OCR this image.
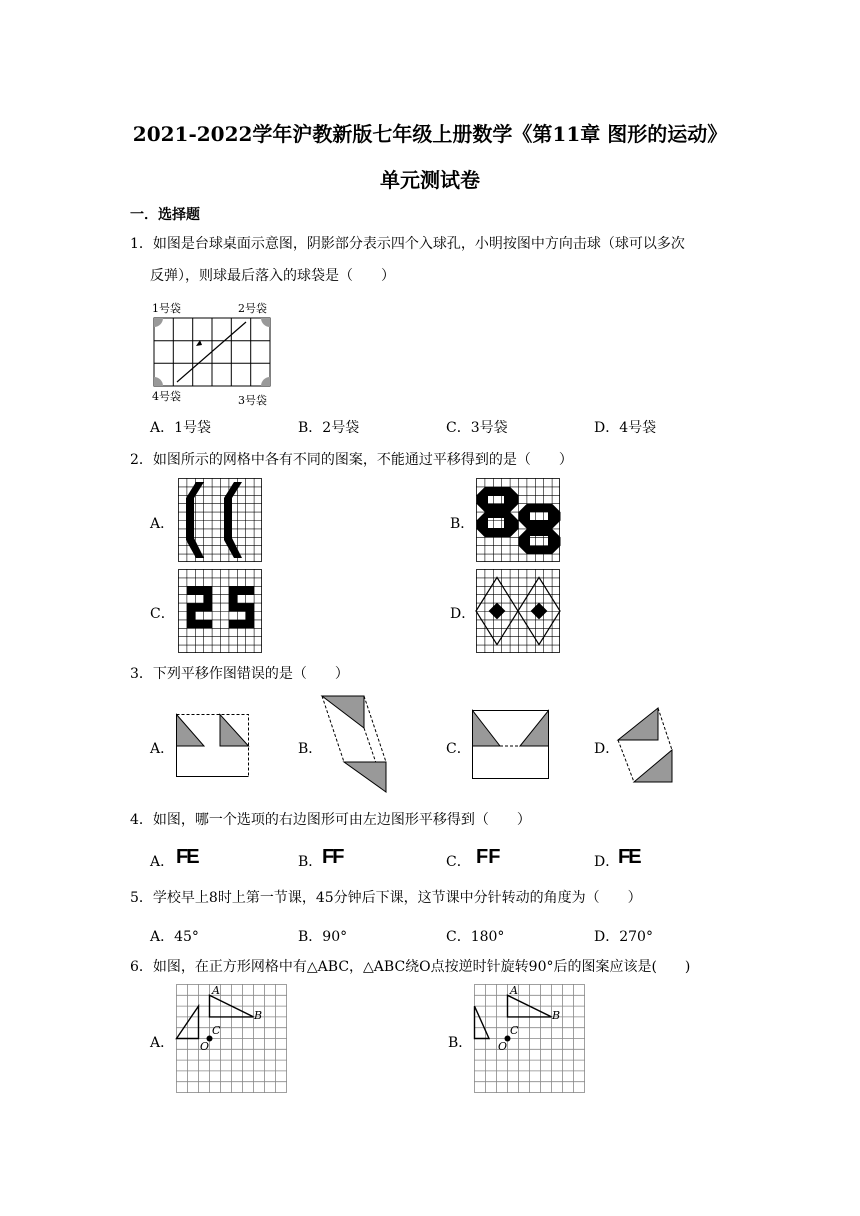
2021-2022学年沪教新版七年级上册数学《第11章 图形的运动》
单元测试卷
一．选择题
1．如图是台球桌面示意图，阴影部分表示四个入球孔，小明按图中方向击球（球可以多次
反弹），则球最后落入的球袋是（　　）
1号袋	2号袋
4号袋	3号袋
A．1号袋	B．2号袋	C．3号袋	D．4号袋
2．如图所示的网格中各有不同的图案，不能通过平移得到的是（　　）
A．	B．
C．	D．
3．下列平移作图错误的是（　　）
A．	B．	C．	D．
4．如图，哪一个选项的右边图形可由左边图形平移得到（　　）
A． FE	B． FF	C． FF	D．
FE
5．学校早上8时上第一节课，45分钟后下课，这节课中分针转动的角度为（　　）
A．45°	B．90°	C．180°	D．270°
6．如图，在正方形网格中有△ABC，△ABC绕O点按逆时针旋转90°后的图案应该是(　　)
A．
A
B
C
O	B．
A
B
C
O
